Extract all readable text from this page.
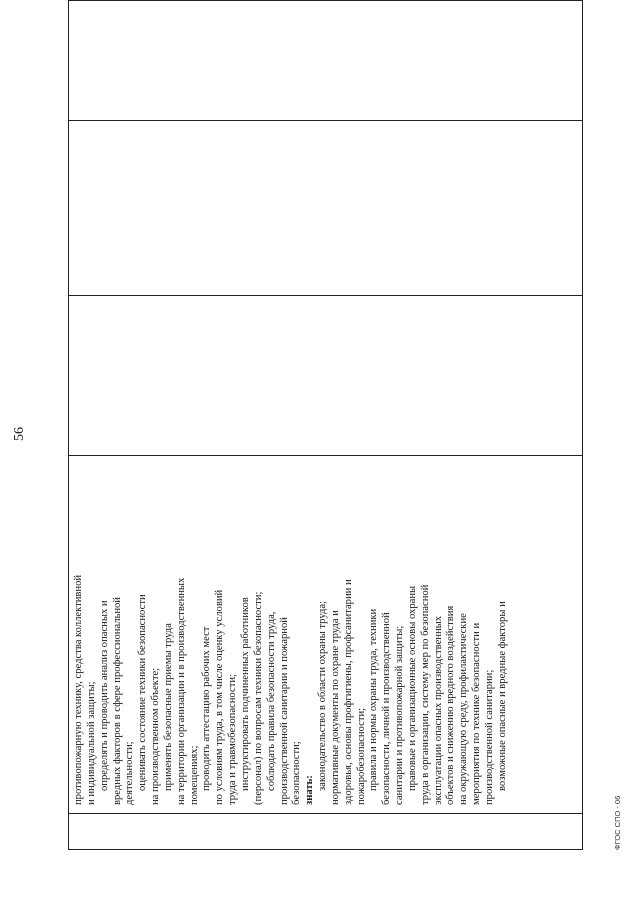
56

противопожарную технику, средства коллективной и индивидуальной защиты; определять и проводить анализ опасных и вредных факторов в сфере профессиональной деятельности; оценивать состояние техники безопасности на производственном объекте; применять безопасные приемы труда на территории организации и в производственных помещениях; проводить аттестацию рабочих мест по условиям труда, в том числе оценку условий труда и травмобезопасности; инструктировать подчиненных работников (персонал) по вопросам техники безопасности; соблюдать правила безопасности труда, производственной санитарии и пожарной безопасности; знать: законодательство в области охраны труда; нормативные документы по охране труда и здоровья, основы профгигиены, профсанитарии и пожаробезопасности; правила и нормы охраны труда, техники безопасности, личной и производственной санитарии и противопожарной защиты; правовые и организационные основы охраны труда в организации, систему мер по безопасной эксплуатации опасных производственных объектов и снижению вредного воздействия на окружающую среду, профилактические мероприятия по технике безопасности и производственной санитарии; возможные опасные и вредные факторы и

ФГОС СПО - 06
